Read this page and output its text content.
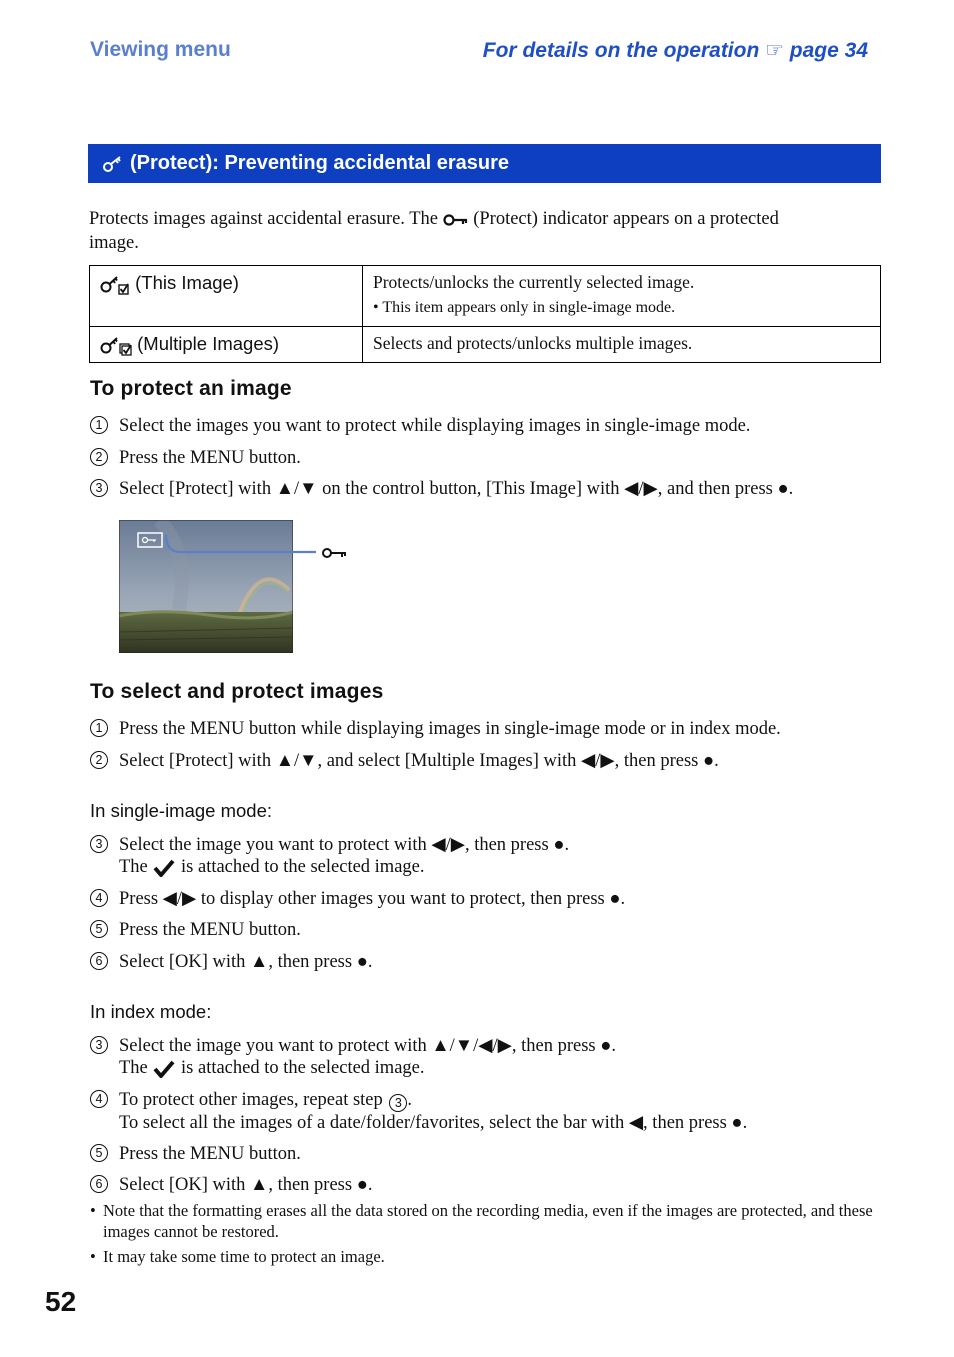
Viewing menu	For details on the operation ☞ page 34
(Protect): Preventing accidental erasure

Protects images against accidental erasure. The (Protect) indicator appears on a protected

image.

(This Image)	Protects/unlocks the currently selected image.
• This item appears only in single-image mode.

(Multiple Images)	Selects and protects/unlocks multiple images.
To protect an image
1 Select the images you want to protect while displaying images in single-image mode.
2 Press the MENU button.
3 Select [Protect] with ▲/▼ on the control button, [This Image] with ◀/▶, and then press ●.
To select and protect images
1 Press the MENU button while displaying images in single-image mode or in index mode.
2 Select [Protect] with ▲/▼, and select [Multiple Images] with ◀/▶, then press ●.
In single-image mode:
3 Select the image you want to protect with ◀/▶, then press ●.
The is attached to the selected image.
4 Press ◀/▶ to display other images you want to protect, then press ●.
5 Press the MENU button.
6 Select [OK] with ▲, then press ●.
In index mode:
3 Select the image you want to protect with ▲/▼/◀/▶, then press ●.
The is attached to the selected image.
4 To protect other images, repeat step 3 .
To select all the images of a date/folder/favorites, select the bar with ◀, then press ●.
5 Press the MENU button.
6 Select [OK] with ▲, then press ●.
• Note that the formatting erases all the data stored on the recording media, even if the images are protected, and these images cannot be restored.
• It may take some time to protect an image.
52
